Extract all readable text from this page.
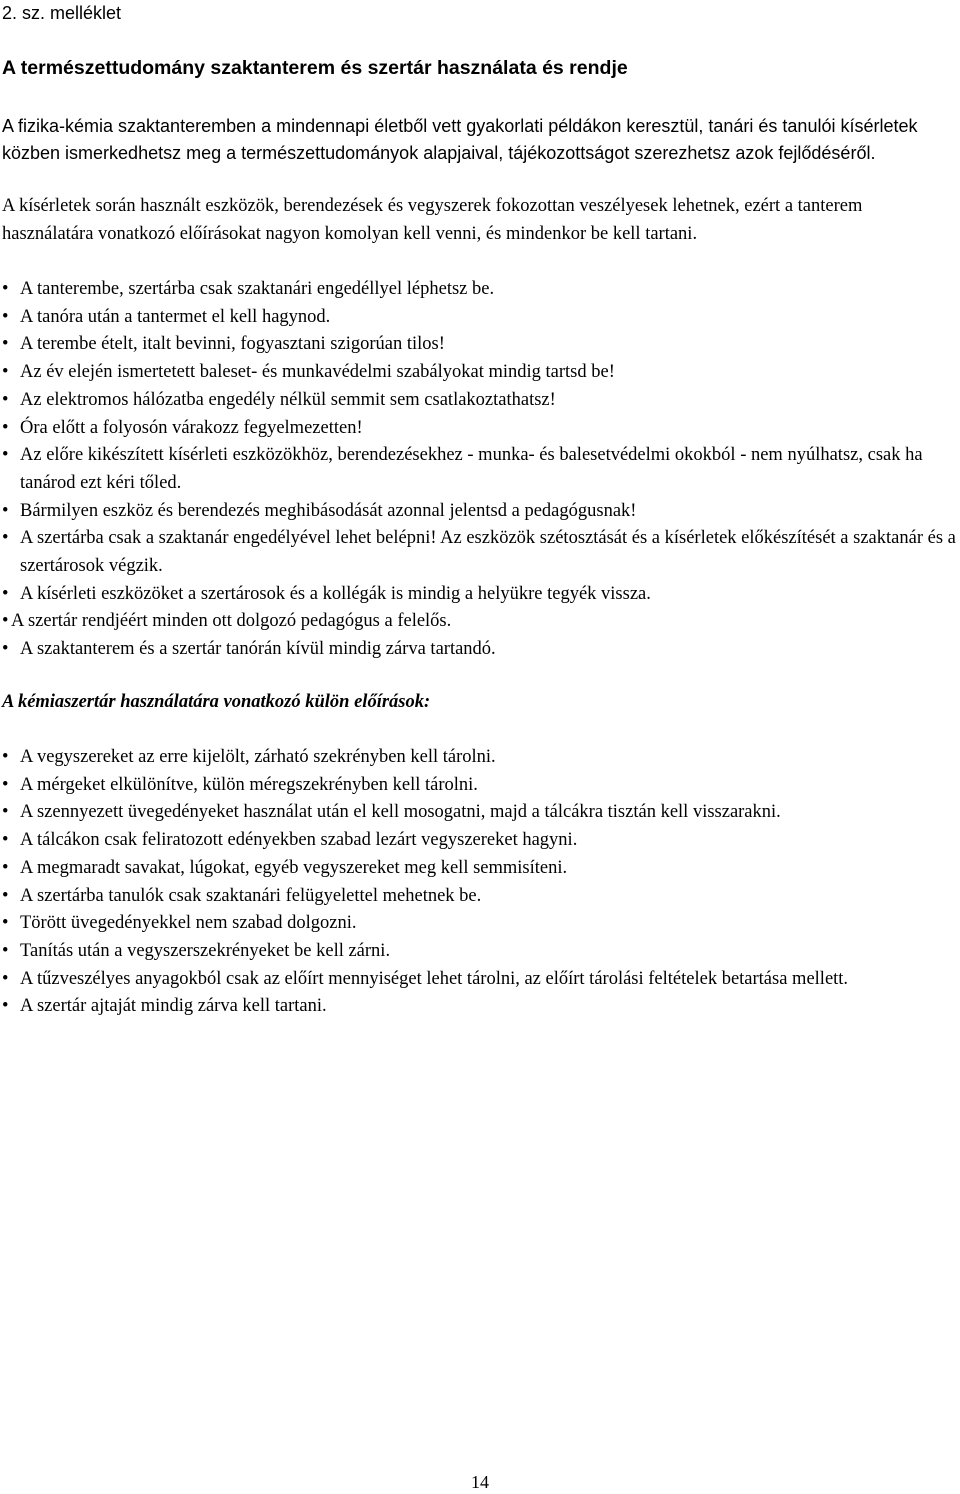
2. sz. melléklet
A természettudomány szaktanterem és szertár használata és rendje

A fizika-kémia szaktanteremben a mindennapi életből vett gyakorlati példákon keresztül, tanári és tanulói kísérletek közben ismerkedhetsz meg a természettudományok alapjaival, tájékozottságot szerezhetsz azok fejlődéséről.

A kísérletek során használt eszközök, berendezések és vegyszerek fokozottan veszélyesek lehetnek, ezért a tanterem használatára vonatkozó előírásokat nagyon komolyan kell venni, és mindenkor be kell tartani.

• A tanterembe, szertárba csak szaktanári engedéllyel léphetsz be.
• A tanóra után a tantermet el kell hagynod.
• A terembe ételt, italt bevinni, fogyasztani szigorúan tilos!
• Az év elején ismertetett baleset- és munkavédelmi szabályokat mindig tartsd be!
• Az elektromos hálózatba engedély nélkül semmit sem csatlakoztathatsz!
• Óra előtt a folyosón várakozz fegyelmezetten!
• Az előre kikészített kísérleti eszközökhöz, berendezésekhez - munka- és balesetvédelmi okokból - nem nyúlhatsz, csak ha tanárod ezt kéri tőled.
• Bármilyen eszköz és berendezés meghibásodását azonnal jelentsd a pedagógusnak!
• A szertárba csak a szaktanár engedélyével lehet belépni! Az eszközök szétosztását és a kísérletek előkészítését a szaktanár és a szertárosok végzik.
• A kísérleti eszközöket a szertárosok és a kollégák is mindig a helyükre tegyék vissza.
• A szertár rendjéért minden ott dolgozó pedagógus a felelős.
• A szaktanterem és a szertár tanórán kívül mindig zárva tartandó.
A kémiaszertár használatára vonatkozó külön előírások:
• A vegyszereket az erre kijelölt, zárható szekrényben kell tárolni.
• A mérgeket elkülönítve, külön méregszekrényben kell tárolni.
• A szennyezett üvegedényeket használat után el kell mosogatni, majd a tálcákra tisztán kell visszarakni.
• A tálcákon csak feliratozott edényekben szabad lezárt vegyszereket hagyni.
• A megmaradt savakat, lúgokat, egyéb vegyszereket meg kell semmisíteni.
• A szertárba tanulók csak szaktanári felügyelettel mehetnek be.
• Törött üvegedényekkel nem szabad dolgozni.
• Tanítás után a vegyszerszekrényeket be kell zárni.
• A tűzveszélyes anyagokból csak az előírt mennyiséget lehet tárolni, az előírt tárolási feltételek betartása mellett.
• A szertár ajtaját mindig zárva kell tartani.
14
